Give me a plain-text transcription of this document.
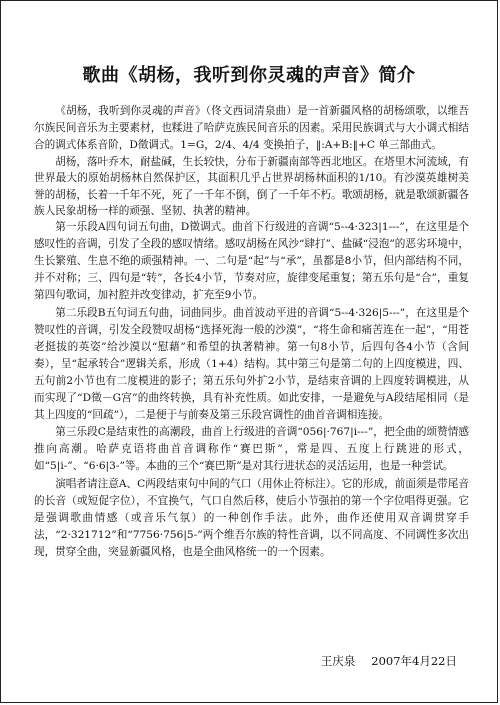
歌曲《胡杨，我听到你灵魂的声音》简介

《胡杨，我听到你灵魂的声音》（佟文西词清泉曲）是一首新疆风格的胡杨颂歌，以维吾尔族民间音乐为主要素材，也糅进了哈萨克族民间音乐的因素。采用民族调式与大小调式相结合的调式体系音阶，D徵调式。1=G，2/4、4/4 变换拍子，‖:A+B:‖+C 单三部曲式。

胡杨，落叶乔木，耐盐碱，生长较快，分布于新疆南部等西北地区。在塔里木河流域，有世界最大的原始胡杨林自然保护区，其面积几乎占世界胡杨林面积的1/10。有沙漠英雄树美誉的胡杨，长着一千年不死，死了一千年不倒，倒了一千年不朽。歌颂胡杨，就是歌颂新疆各族人民象胡杨一样的顽强、坚韧、执著的精神。

第一乐段A四句词五句曲，D徵调式。曲首下行级进的音调“5--4·323|1---”，在这里是个感叹性的音调，引发了全段的感叹情绪。感叹胡杨在风沙“肆打”、盐碱“浸泡”的恶劣环境中，生长繁殖、生息不绝的顽强精神。一、二句是“起”与“承”，虽都是8小节，但内部结构不同，并不对称；三、四句是“转”，各长4小节，节奏对应，旋律变尾重复；第五乐句是“合”，重复第四句歌词，加衬腔并改变律动，扩充至9小节。

第二乐段B五句词五句曲，词曲同步。曲首波动平进的音调“5--4·326|5---”，在这里是个赞叹性的音调，引发全段赞叹胡杨“选择死海一般的沙漠”，“将生命和痛苦连在一起”，“用苍老挺拔的英姿”给沙漠以“慰藉”和希望的执著精神。第一句8小节，后四句各4小节（含间奏），呈“起承转合”逻辑关系，形成（1+4）结构。其中第三句是第二句的上四度模进，四、五句前2小节也有二度模进的影子；第五乐句外扩2小节，是结束音调的上四度转调模进，从而实现了“D徵－G宫”的曲终转换，具有补充性质。如此安排，一是避免与A段结尾相同（是其上四度的“回疏”），二是便于与前奏及第三乐段宫调性的曲首音调相连接。

第三乐段C是结束性的高潮段，曲首上行级进的音调“056|·767|i---”，把全曲的颂赞情感推向高潮。哈萨克语将曲首音调称作“赛巴斯”，常是四、五度上行跳进的形式，如“5|i-”、“6·6|3-”等。本曲的三个“赛巴斯”是对其行进状态的灵活运用，也是一种尝试。

演唱者请注意A、C两段结束句中间的气口（用休止符标注）。它的形成，前面须是带尾音的长音（或短促字位），不宜换气，气口自然后移，使后小节强拍的第一个字位唱得更强。它是强调歌曲情感（或音乐气氛）的一种创作手法。此外，曲作还使用双音调贯穿手法，“2·321712”和“7756·756|5-”两个维吾尔族的特性音调，以不同高度、不同调性多次出现，贯穿全曲，突显新疆风格，也是全曲风格统一的一个因素。

王庆泉 2007年4月22日
